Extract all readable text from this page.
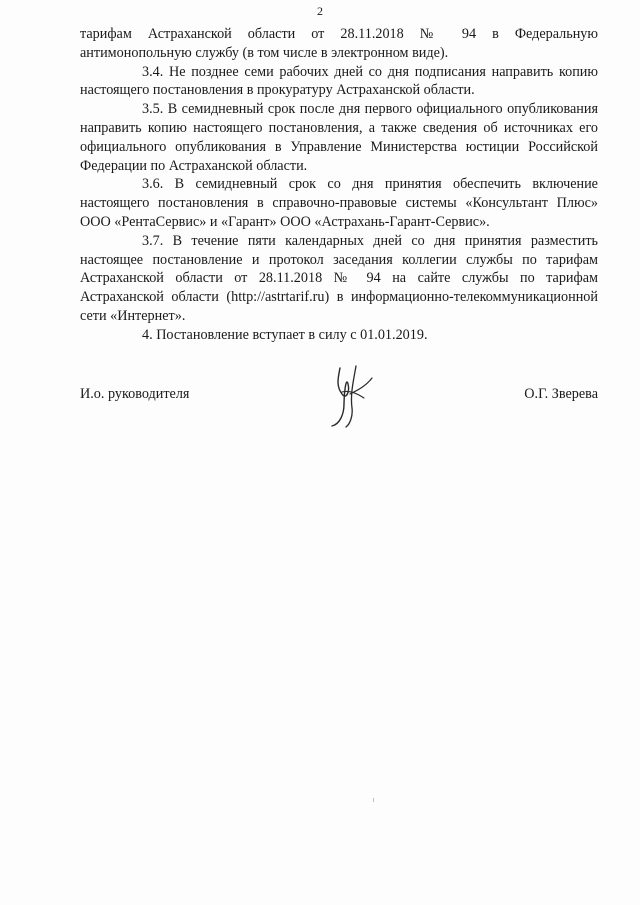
2

тарифам Астраханской области от 28.11.2018 № 94 в Федеральную антимонопольную службу (в том числе в электронном виде).

3.4. Не позднее семи рабочих дней со дня подписания направить копию настоящего постановления в прокуратуру Астраханской области.

3.5. В семидневный срок после дня первого официального опубликования направить копию настоящего постановления, а также сведения об источниках его официального опубликования в Управление Министерства юстиции Российской Федерации по Астраханской области.

3.6. В семидневный срок со дня принятия обеспечить включение настоящего постановления в справочно-правовые системы «Консультант Плюс» ООО «РентаСервис» и «Гарант» ООО «Астрахань-Гарант-Сервис».

3.7. В течение пяти календарных дней со дня принятия разместить настоящее постановление и протокол заседания коллегии службы по тарифам Астраханской области от 28.11.2018 № 94 на сайте службы по тарифам Астраханской области (http://astrtarif.ru) в информационно-телекоммуникационной сети «Интернет».

4. Постановление вступает в силу с 01.01.2019.

И.о. руководителя	О.Г. Зверева
